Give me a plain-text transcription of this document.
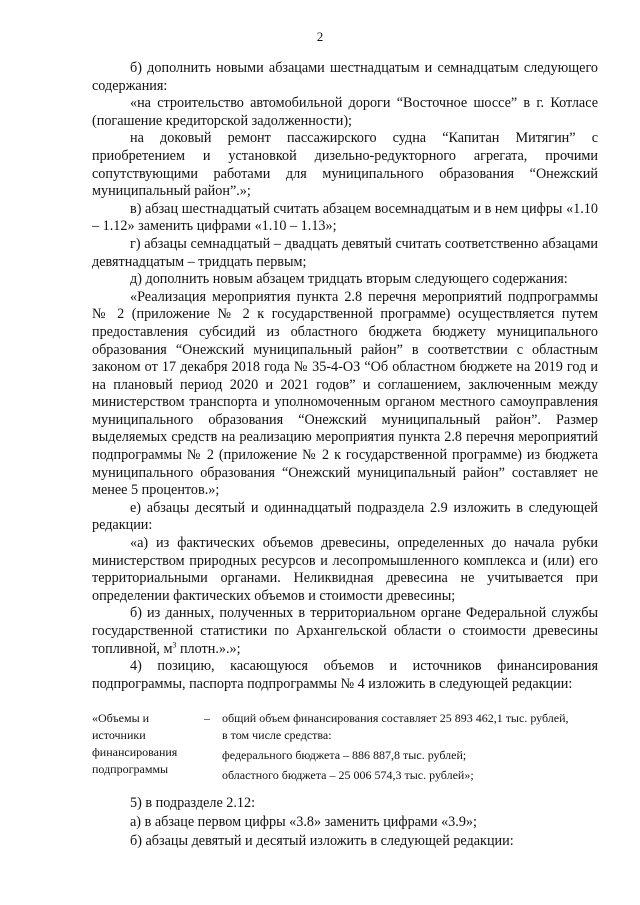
2

б) дополнить новыми абзацами шестнадцатым и семнадцатым следующего содержания:

«на строительство автомобильной дороги “Восточное шоссе” в г. Котласе (погашение кредиторской задолженности);

на доковый ремонт пассажирского судна “Капитан Митягин” с приобретением и установкой дизельно-редукторного агрегата, прочими сопутствующими работами для муниципального образования “Онежский муниципальный район”.»;

в) абзац шестнадцатый считать абзацем восемнадцатым и в нем цифры «1.10 – 1.12» заменить цифрами «1.10 – 1.13»;

г) абзацы семнадцатый – двадцать девятый считать соответственно абзацами девятнадцатым – тридцать первым;

д) дополнить новым абзацем тридцать вторым следующего содержания:

«Реализация мероприятия пункта 2.8 перечня мероприятий подпрограммы № 2 (приложение № 2 к государственной программе) осуществляется путем предоставления субсидий из областного бюджета бюджету муниципального образования “Онежский муниципальный район” в соответствии с областным законом от 17 декабря 2018 года № 35-4-ОЗ “Об областном бюджете на 2019 год и на плановый период 2020 и 2021 годов” и соглашением, заключенным между министерством транспорта и уполномоченным органом местного самоуправления муниципального образования “Онежский муниципальный район”. Размер выделяемых средств на реализацию мероприятия пункта 2.8 перечня мероприятий подпрограммы № 2 (приложение № 2 к государственной программе) из бюджета муниципального образования “Онежский муниципальный район” составляет не менее 5 процентов.»;

е) абзацы десятый и одиннадцатый подраздела 2.9 изложить в следующей редакции:

«а) из фактических объемов древесины, определенных до начала рубки министерством природных ресурсов и лесопромышленного комплекса и (или) его территориальными органами. Неликвидная древесина не учитывается при определении фактических объемов и стоимости древесины;

б) из данных, полученных в территориальном органе Федеральной службы государственной статистики по Архангельской области о стоимости древесины топливной, $м^3$ плотн.».»;

4) позицию, касающуюся объемов и источников финансирования подпрограммы, паспорта подпрограммы № 4 изложить в следующей редакции:

«Объемы и источники финансирования подпрограммы
– общий объем финансирования составляет 25 893 462,1 тыс. рублей,
в том числе средства:
федерального бюджета – 886 887,8 тыс. рублей;
областного бюджета – 25 006 574,3 тыс. рублей»;

5) в подразделе 2.12:

а) в абзаце первом цифры «3.8» заменить цифрами «3.9»;

б) абзацы девятый и десятый изложить в следующей редакции:
